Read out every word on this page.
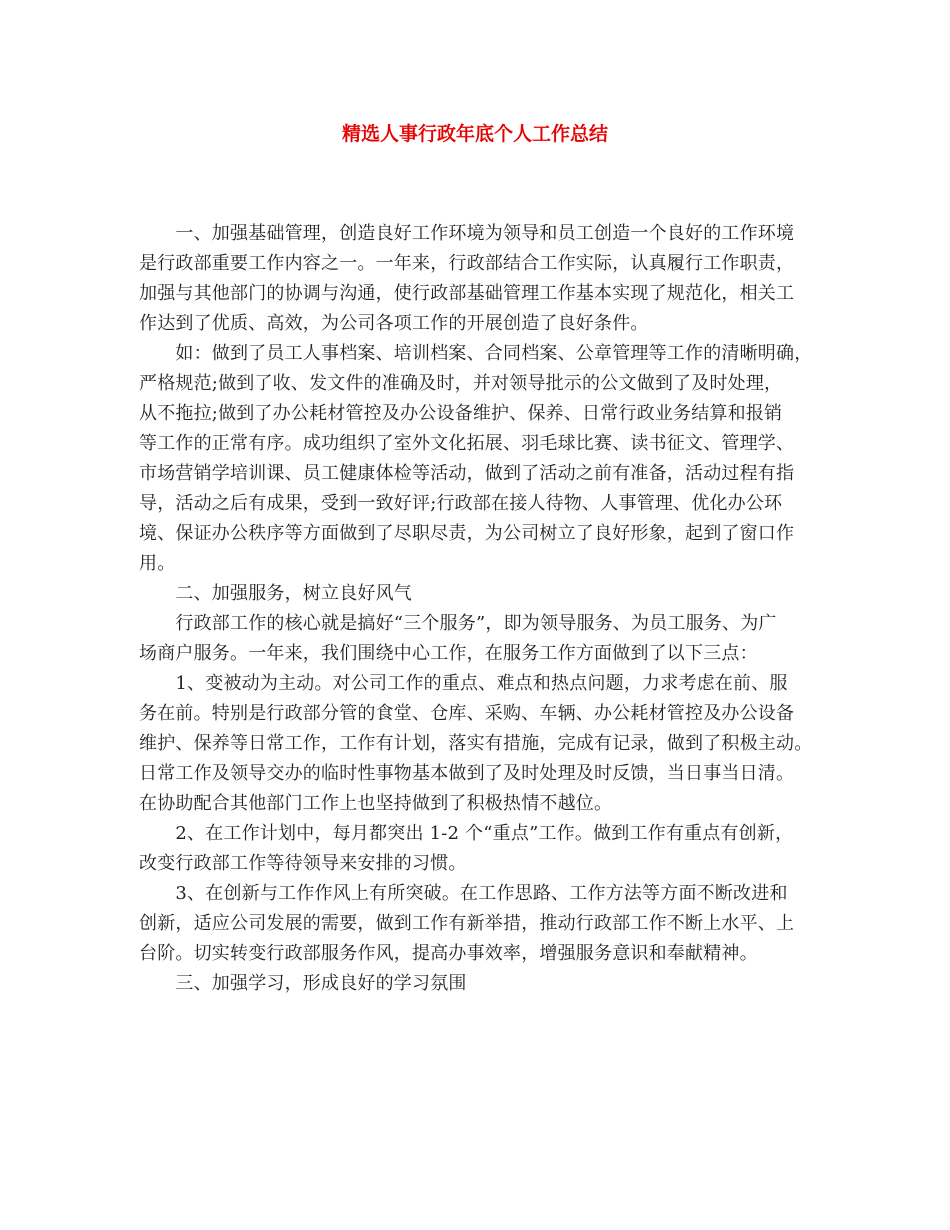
精选人事行政年底个人工作总结
　　一、加强基础管理，创造良好工作环境为领导和员工创造一个良好的工作环境
是行政部重要工作内容之一。一年来，行政部结合工作实际，认真履行工作职责，
加强与其他部门的协调与沟通，使行政部基础管理工作基本实现了规范化，相关工
作达到了优质、高效，为公司各项工作的开展创造了良好条件。
　　如：做到了员工人事档案、培训档案、合同档案、公章管理等工作的清晰明确，
严格规范;做到了收、发文件的准确及时，并对领导批示的公文做到了及时处理，
从不拖拉;做到了办公耗材管控及办公设备维护、保养、日常行政业务结算和报销
等工作的正常有序。成功组织了室外文化拓展、羽毛球比赛、读书征文、管理学、
市场营销学培训课、员工健康体检等活动，做到了活动之前有准备，活动过程有指
导，活动之后有成果，受到一致好评;行政部在接人待物、人事管理、优化办公环
境、保证办公秩序等方面做到了尽职尽责，为公司树立了良好形象，起到了窗口作
用。
　　二、加强服务，树立良好风气
　　行政部工作的核心就是搞好“三个服务”，即为领导服务、为员工服务、为广
场商户服务。一年来，我们围绕中心工作，在服务工作方面做到了以下三点：
　　1、变被动为主动。对公司工作的重点、难点和热点问题，力求考虑在前、服
务在前。特别是行政部分管的食堂、仓库、采购、车辆、办公耗材管控及办公设备
维护、保养等日常工作，工作有计划，落实有措施，完成有记录，做到了积极主动。
日常工作及领导交办的临时性事物基本做到了及时处理及时反馈，当日事当日清。
在协助配合其他部门工作上也坚持做到了积极热情不越位。
　　2、在工作计划中，每月都突出 1-2 个“重点”工作。做到工作有重点有创新，
改变行政部工作等待领导来安排的习惯。
　　3、在创新与工作作风上有所突破。在工作思路、工作方法等方面不断改进和
创新，适应公司发展的需要，做到工作有新举措，推动行政部工作不断上水平、上
台阶。切实转变行政部服务作风，提高办事效率，增强服务意识和奉献精神。
　　三、加强学习，形成良好的学习氛围
